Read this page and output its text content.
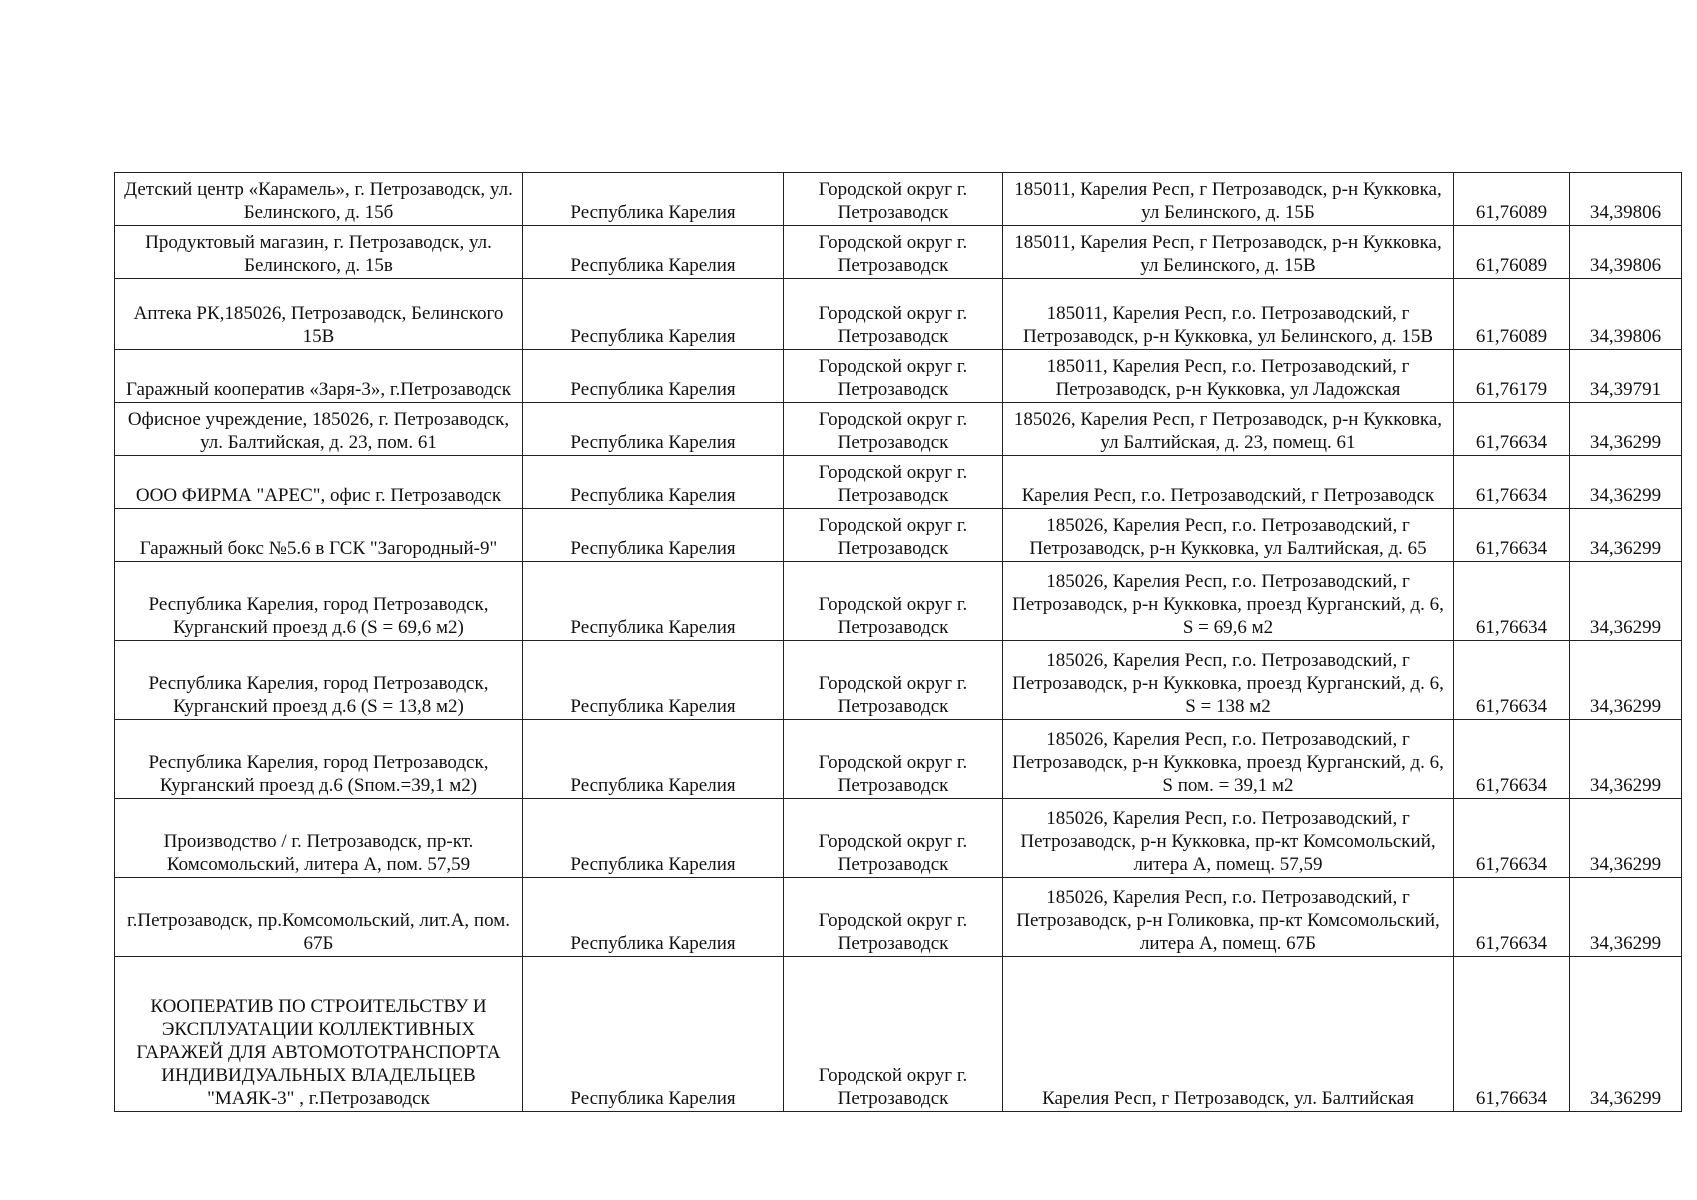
Детский центр «Карамель», г. Петрозаводск, ул. Белинского, д. 15б	Республика Карелия	Городской округ г. Петрозаводск	185011, Карелия Респ, г Петрозаводск, р-н Кукковка, ул Белинского, д. 15Б	61,76089	34,39806
Продуктовый магазин, г. Петрозаводск, ул. Белинского, д. 15в	Республика Карелия	Городской округ г. Петрозаводск	185011, Карелия Респ, г Петрозаводск, р-н Кукковка, ул Белинского, д. 15В	61,76089	34,39806
Аптека РК,185026, Петрозаводск, Белинского 15В	Республика Карелия	Городской округ г. Петрозаводск	185011, Карелия Респ, г.о. Петрозаводский, г Петрозаводск, р-н Кукковка, ул Белинского, д. 15В	61,76089	34,39806
Гаражный кооператив «Заря-3», г.Петрозаводск	Республика Карелия	Городской округ г. Петрозаводск	185011, Карелия Респ, г.о. Петрозаводский, г Петрозаводск, р-н Кукковка, ул Ладожская	61,76179	34,39791
Офисное учреждение, 185026, г. Петрозаводск, ул. Балтийская, д. 23, пом. 61	Республика Карелия	Городской округ г. Петрозаводск	185026, Карелия Респ, г Петрозаводск, р-н Кукковка, ул Балтийская, д. 23, помещ. 61	61,76634	34,36299
ООО ФИРМА "АРЕС", офис г. Петрозаводск	Республика Карелия	Городской округ г. Петрозаводск	Карелия Респ, г.о. Петрозаводский, г Петрозаводск	61,76634	34,36299
Гаражный бокс №5.6 в ГСК "Загородный-9"	Республика Карелия	Городской округ г. Петрозаводск	185026, Карелия Респ, г.о. Петрозаводский, г Петрозаводск, р-н Кукковка, ул Балтийская, д. 65	61,76634	34,36299
Республика Карелия, город Петрозаводск, Курганский проезд д.6 (S = 69,6 м2)	Республика Карелия	Городской округ г. Петрозаводск	185026, Карелия Респ, г.о. Петрозаводский, г Петрозаводск, р-н Кукковка, проезд Курганский, д. 6, S = 69,6 м2	61,76634	34,36299
Республика Карелия, город Петрозаводск, Курганский проезд д.6 (S = 13,8 м2)	Республика Карелия	Городской округ г. Петрозаводск	185026, Карелия Респ, г.о. Петрозаводский, г Петрозаводск, р-н Кукковка, проезд Курганский, д. 6, S = 138 м2	61,76634	34,36299
Республика Карелия, город Петрозаводск, Курганский проезд д.6 (Sпом.=39,1 м2)	Республика Карелия	Городской округ г. Петрозаводск	185026, Карелия Респ, г.о. Петрозаводский, г Петрозаводск, р-н Кукковка, проезд Курганский, д. 6, S пом. = 39,1 м2	61,76634	34,36299
Производство / г. Петрозаводск, пр-кт. Комсомольский, литера А, пом. 57,59	Республика Карелия	Городской округ г. Петрозаводск	185026, Карелия Респ, г.о. Петрозаводский, г Петрозаводск, р-н Кукковка, пр-кт Комсомольский, литера А, помещ. 57,59	61,76634	34,36299
г.Петрозаводск, пр.Комсомольский, лит.А, пом. 67Б	Республика Карелия	Городской округ г. Петрозаводск	185026, Карелия Респ, г.о. Петрозаводский, г Петрозаводск, р-н Голиковка, пр-кт Комсомольский, литера А, помещ. 67Б	61,76634	34,36299
КООПЕРАТИВ ПО СТРОИТЕЛЬСТВУ И ЭКСПЛУАТАЦИИ КОЛЛЕКТИВНЫХ ГАРАЖЕЙ ДЛЯ АВТОМОТОТРАНСПОРТА ИНДИВИДУАЛЬНЫХ ВЛАДЕЛЬЦЕВ "МАЯК-3" , г.Петрозаводск	Республика Карелия	Городской округ г. Петрозаводск	Карелия Респ, г Петрозаводск, ул. Балтийская	61,76634	34,36299
